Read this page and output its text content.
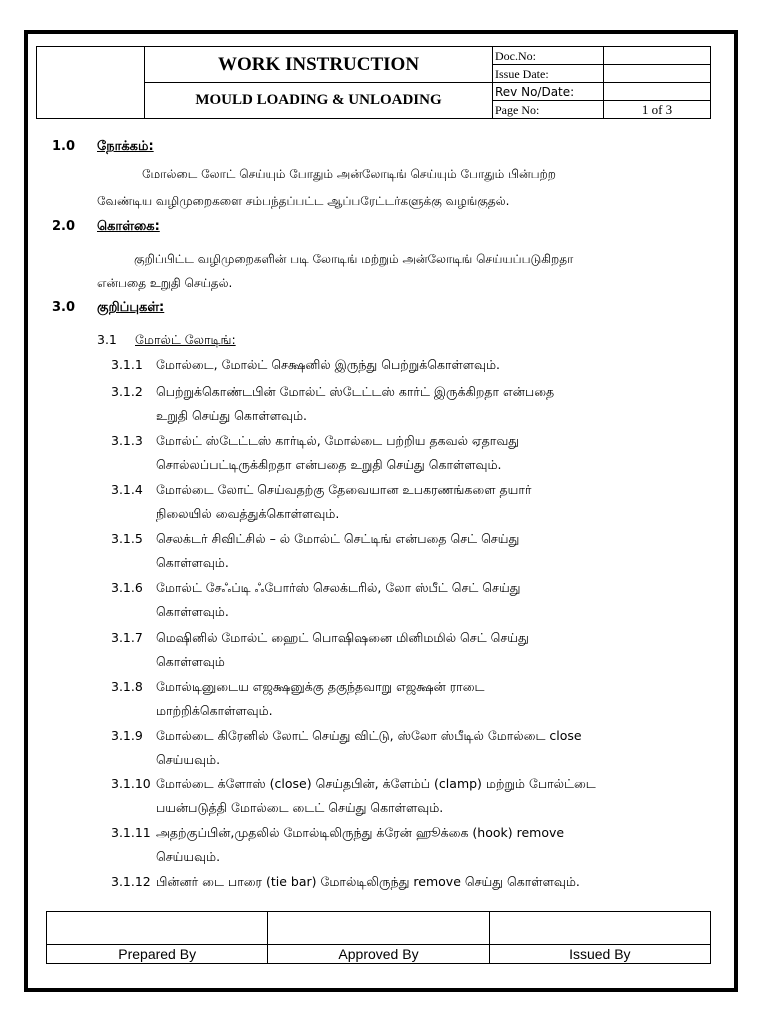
	WORK INSTRUCTION	Doc.No:	
		Issue Date:	
	MOULD LOADING & UNLOADING	Rev No/Date:	
		Page No:	1 of 3
1.0 நோக்கம்:
மோல்டை லோட் செய்யும் போதும் அன்லோடிங் செய்யும் போதும் பின்பற்ற
வேண்டிய வழிமுறைகளை சம்பந்தப்பட்ட ஆப்பரேட்டர்களுக்கு வழங்குதல்.
2.0 கொள்கை:
குறிப்பிட்ட வழிமுறைகளின் படி லோடிங் மற்றும் அன்லோடிங் செய்யப்படுகிறதா
என்பதை உறுதி செய்தல்.
3.0 குறிப்புகள்:
3.1 மோல்ட் லோடிங்:
3.1.1	மோல்டை, மோல்ட் செக்ஷனில் இருந்து பெற்றுக்கொள்ளவும்.
3.1.2	பெற்றுக்கொண்டபின் மோல்ட் ஸ்டேட்டஸ் கார்ட் இருக்கிறதா என்பதை
உறுதி செய்து கொள்ளவும்.
3.1.3	மோல்ட் ஸ்டேட்டஸ் கார்டில், மோல்டை பற்றிய தகவல் ஏதாவது
சொல்லப்பட்டிருக்கிறதா என்பதை உறுதி செய்து கொள்ளவும்.
3.1.4	மோல்டை லோட் செய்வதற்கு தேவையான உபகரணங்களை தயார்
நிலையில் வைத்துக்கொள்ளவும்.
3.1.5	செலக்டர் சிவிட்சில் – ல் மோல்ட் செட்டிங் என்பதை செட் செய்து
கொள்ளவும்.
3.1.6	மோல்ட் சேஃப்டி ஃபோர்ஸ் செலக்டரில், லோ ஸ்பீட் செட் செய்து
கொள்ளவும்.
3.1.7	மெஷினில் மோல்ட் ஹைட் பொஷிஷனை மினிமமில் செட் செய்து
கொள்ளவும்
3.1.8	மோல்டினுடைய எஜக்ஷனுக்கு தகுந்தவாறு எஜக்ஷன் ராடை
மாற்றிக்கொள்ளவும்.
3.1.9	மோல்டை கிரேனில் லோட் செய்து விட்டு, ஸ்லோ ஸ்பீடில் மோல்டை close
செய்யவும்.
3.1.10 மோல்டை க்ளோஸ் (close) செய்தபின், க்ளேம்ப் (clamp) மற்றும் போல்ட்டை
பயன்படுத்தி மோல்டை டைட் செய்து கொள்ளவும்.
3.1.11 அதற்குப்பின்,முதலில் மோல்டிலிருந்து க்ரேன் ஹூக்கை (hook) remove
செய்யவும்.
3.1.12 பின்னர் டை பாரை (tie bar) மோல்டிலிருந்து remove செய்து கொள்ளவும்.

Prepared By	Approved By	Issued By
